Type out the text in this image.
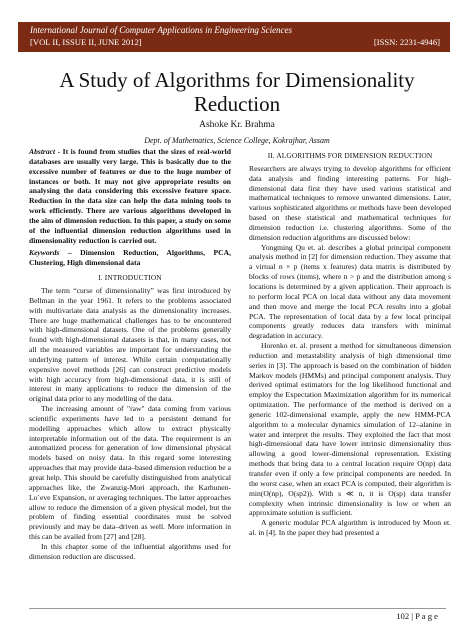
International Journal of Computer Applications in Engineering Sciences
[VOL II, ISSUE II, JUNE 2012]	[ISSN: 2231-4946]
A Study of Algorithms for Dimensionality
Reduction
Ashoke Kr. Brahma
Dept. of Mathematics, Science College, Kokrajhar, Assam

Abstract - It is found from studies that the sizes of real-world databases are usually very large. This is basically due to the excessive number of features or due to the huge number of instances or both. It may not give appropriate results on analysing the data considering this excessive feature space. Reduction in the data size can help the data mining tools to work efficiently. There are various algorithms developed in the aim of dimension reduction. In this paper, a study on some of the influential dimension reduction algorithms used in dimensionality reduction is carried out.

Keywords – Dimension Reduction, Algorithms, PCA, Clustering, High dimensional data

I. INTRODUCTION

The term “curse of dimensionality” was first introduced by Bellman in the year 1961. It refers to the problems associated with multivariate data analysis as the dimensionality increases. There are huge mathematical challenges has to be encountered with high-dimensional datasets. One of the problems generally found with high-dimensional datasets is that, in many cases, not all the measured variables are important for understanding the underlying pattern of interest. While certain computationally expensive novel methods [26] can construct predictive models with high accuracy from high-dimensional data, it is still of interest in many applications to reduce the dimension of the original data prior to any modelling of the data.

The increasing amount of "raw" data coming from various scientific experiments have led to a persistent demand for modelling approaches which allow to extract physically interpretable information out of the data. The requirement is an automatized process for generation of low dimensional physical models based on noisy data. In this regard some interesting approaches that may provide data–based dimension reduction be a great help. This should be carefully distinguished from analytical approaches like, the Zwanzig-Mori approach, the Karhunen-Lo`eve Expansion, or averaging techniques. The latter approaches allow to reduce the dimension of a given physical model, but the problem of finding essential coordinates must be solved previously and may be data–driven as well. More information in this can be availed from [27] and [28].

In this chapter some of the influential algorithms used for dimension reduction are discussed.

II. ALGORITHMS FOR DIMENSION REDUCTION

Researchers are always trying to develop algorithms for efficient data analysis and finding interesting patterns. For high-dimensional data first they have used various statistical and mathematical techniques to remove unwanted dimensions. Later, various sophisticated algorithms or methods have been developed based on these statistical and mathematical techniques for dimension reduction i.e. clustering algorithms. Some of the dimension reduction algorithms are discussed below:

Yongming Qu et. al. describes a global principal component analysis method in [2] for dimension reduction. They assume that a virtual n × p (items x features) data matrix is distributed by blocks of rows (items), where n > p and the distribution among s locations is determined by a given application. Their approach is to perform local PCA on local data without any data movement and then move and merge the local PCA results into a global PCA. The representation of local data by a few local principal components greatly reduces data transfers with minimal degradation in accuracy.

Horenko et. al. present a method for simultaneous dimension reduction and metastability analysis of high dimensional time series in [3]. The approach is based on the combination of hidden Markov models (HMMs) and principal component analysis. They derived optimal estimators for the log likelihood functional and employ the Expectation Maximization algorithm for its numerical optimization. The performance of the method is derived on a generic 102-dimensional example, apply the new HMM-PCA algorithm to a molecular dynamics simulation of 12–alanine in water and interpret the results. They exploited the fact that most high-dimensional data have lower intrinsic dimensionality thus allowing a good lower-dimensional representation. Existing methods that bring data to a central location require O(np) data transfer even if only a few principal components are needed. In the worst case, when an exact PCA is computed, their algorithm is min(O(np), O(sp2)). With s ≪ n, it is O(sp) data transfer complexity when intrinsic dimensionality is low or when an approximate solution is sufficient.

A generic modular PCA algorithm is introduced by Moon et. al. in [4]. In the paper they had presented a

102 | P a g e
